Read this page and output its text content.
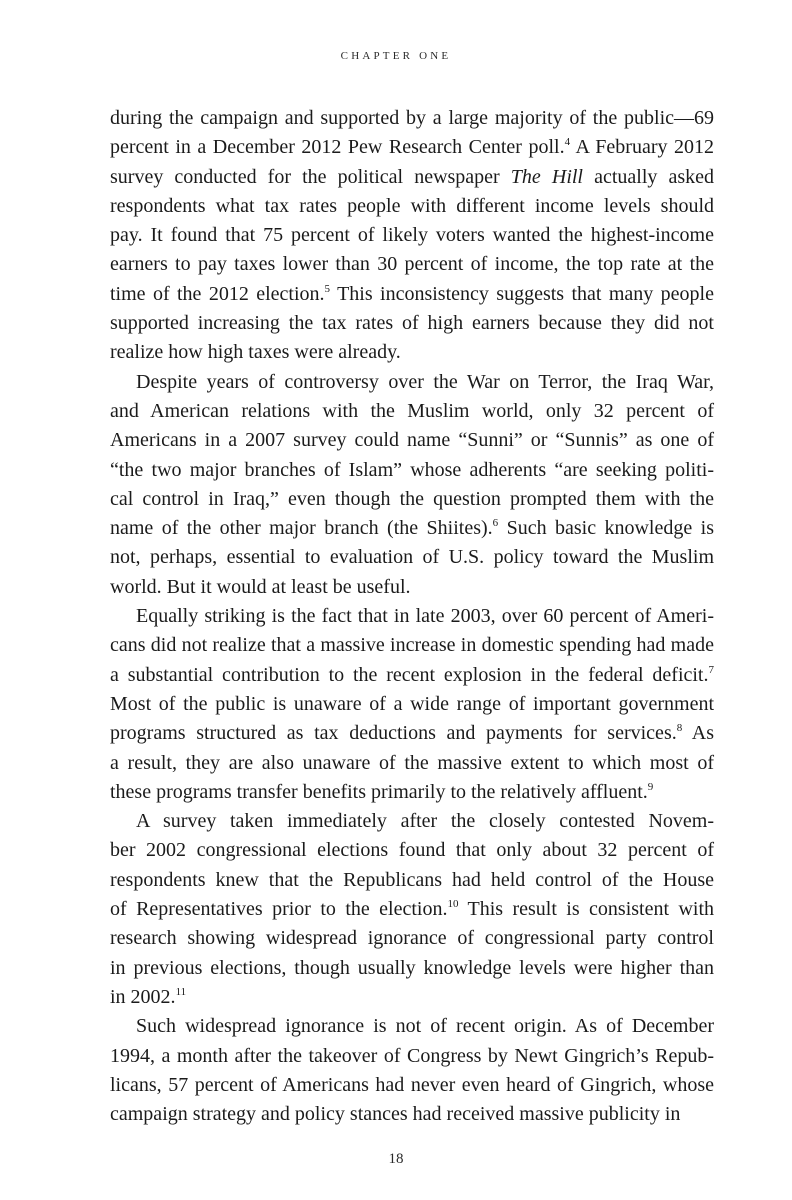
CHAPTER ONE
during the campaign and supported by a large majority of the public—69
percent in a December 2012 Pew Research Center poll.$^4$ A February 2012
survey conducted for the political newspaper The Hill actually asked
respondents what tax rates people with different income levels should
pay. It found that 75 percent of likely voters wanted the highest-income
earners to pay taxes lower than 30 percent of income, the top rate at the
time of the 2012 election.$^5$ This inconsistency suggests that many people
supported increasing the tax rates of high earners because they did not
realize how high taxes were already.
Despite years of controversy over the War on Terror, the Iraq War,
and American relations with the Muslim world, only 32 percent of
Americans in a 2007 survey could name “Sunni” or “Sunnis” as one of
“the two major branches of Islam” whose adherents “are seeking politi-
cal control in Iraq,” even though the question prompted them with the
name of the other major branch (the Shiites).$^6$ Such basic knowledge is
not, perhaps, essential to evaluation of U.S. policy toward the Muslim
world. But it would at least be useful.
Equally striking is the fact that in late 2003, over 60 percent of Ameri-
cans did not realize that a massive increase in domestic spending had made
a substantial contribution to the recent explosion in the federal deficit.$^7$
Most of the public is unaware of a wide range of important government
programs structured as tax deductions and payments for services.$^8$ As
a result, they are also unaware of the massive extent to which most of
these programs transfer benefits primarily to the relatively affluent.$^9$
A survey taken immediately after the closely contested Novem-
ber 2002 congressional elections found that only about 32 percent of
respondents knew that the Republicans had held control of the House
of Representatives prior to the election.$^{10}$ This result is consistent with
research showing widespread ignorance of congressional party control
in previous elections, though usually knowledge levels were higher than
in 2002.11
Such widespread ignorance is not of recent origin. As of December
1994, a month after the takeover of Congress by Newt Gingrich’s Repub-
licans, 57 percent of Americans had never even heard of Gingrich, whose
campaign strategy and policy stances had received massive publicity in
18
